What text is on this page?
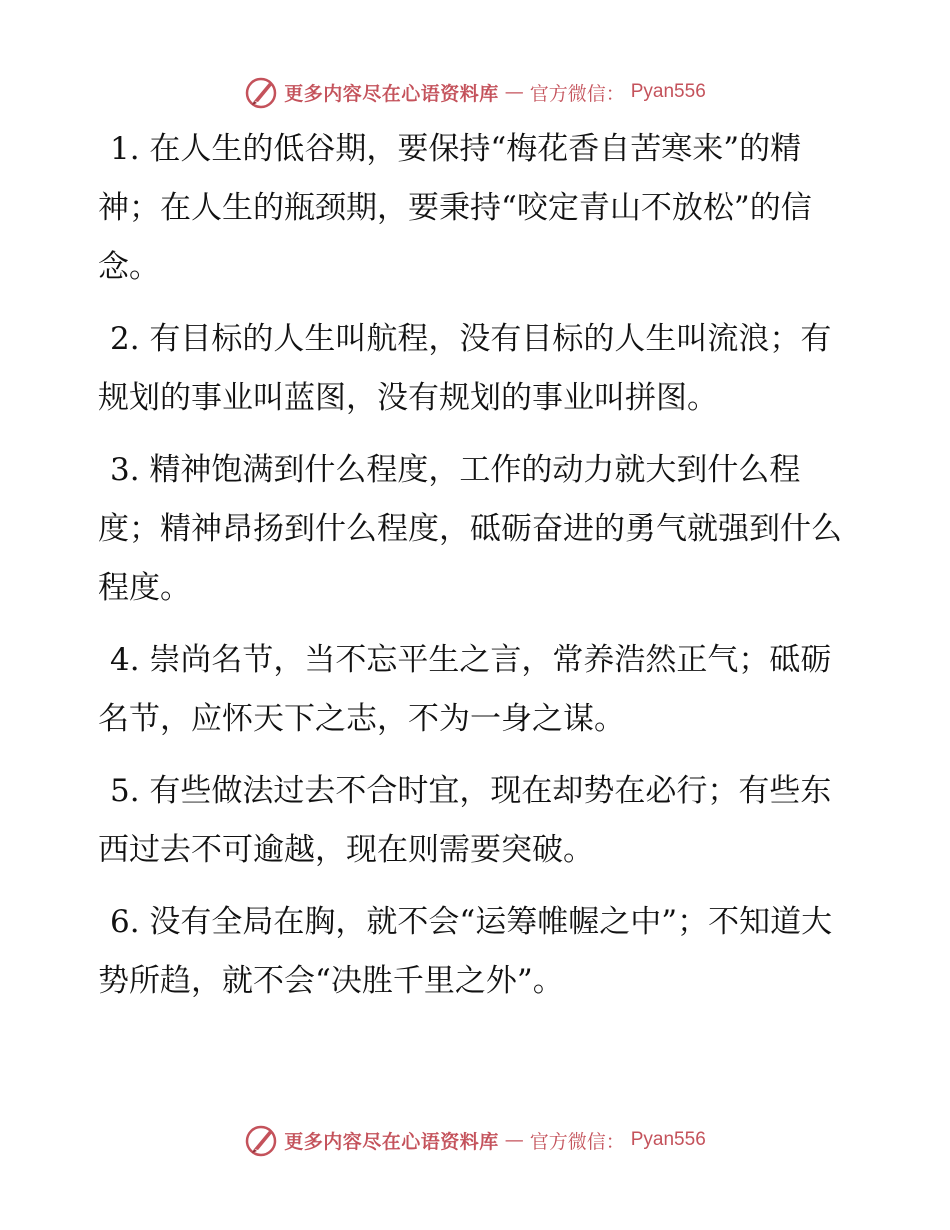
更多内容尽在心语资料库 — 官方微信： Pyan556

1. 在人生的低谷期，要保持“梅花香自苦寒来”的精神；在人生的瓶颈期，要秉持“咬定青山不放松”的信念。

2. 有目标的人生叫航程，没有目标的人生叫流浪；有规划的事业叫蓝图，没有规划的事业叫拼图。

3. 精神饱满到什么程度，工作的动力就大到什么程度；精神昂扬到什么程度，砥砺奋进的勇气就强到什么程度。

4. 崇尚名节，当不忘平生之言，常养浩然正气；砥砺名节，应怀天下之志，不为一身之谋。

5. 有些做法过去不合时宜，现在却势在必行；有些东西过去不可逾越，现在则需要突破。

6. 没有全局在胸，就不会“运筹帷幄之中”；不知道大势所趋，就不会“决胜千里之外”。

更多内容尽在心语资料库 — 官方微信： Pyan556
